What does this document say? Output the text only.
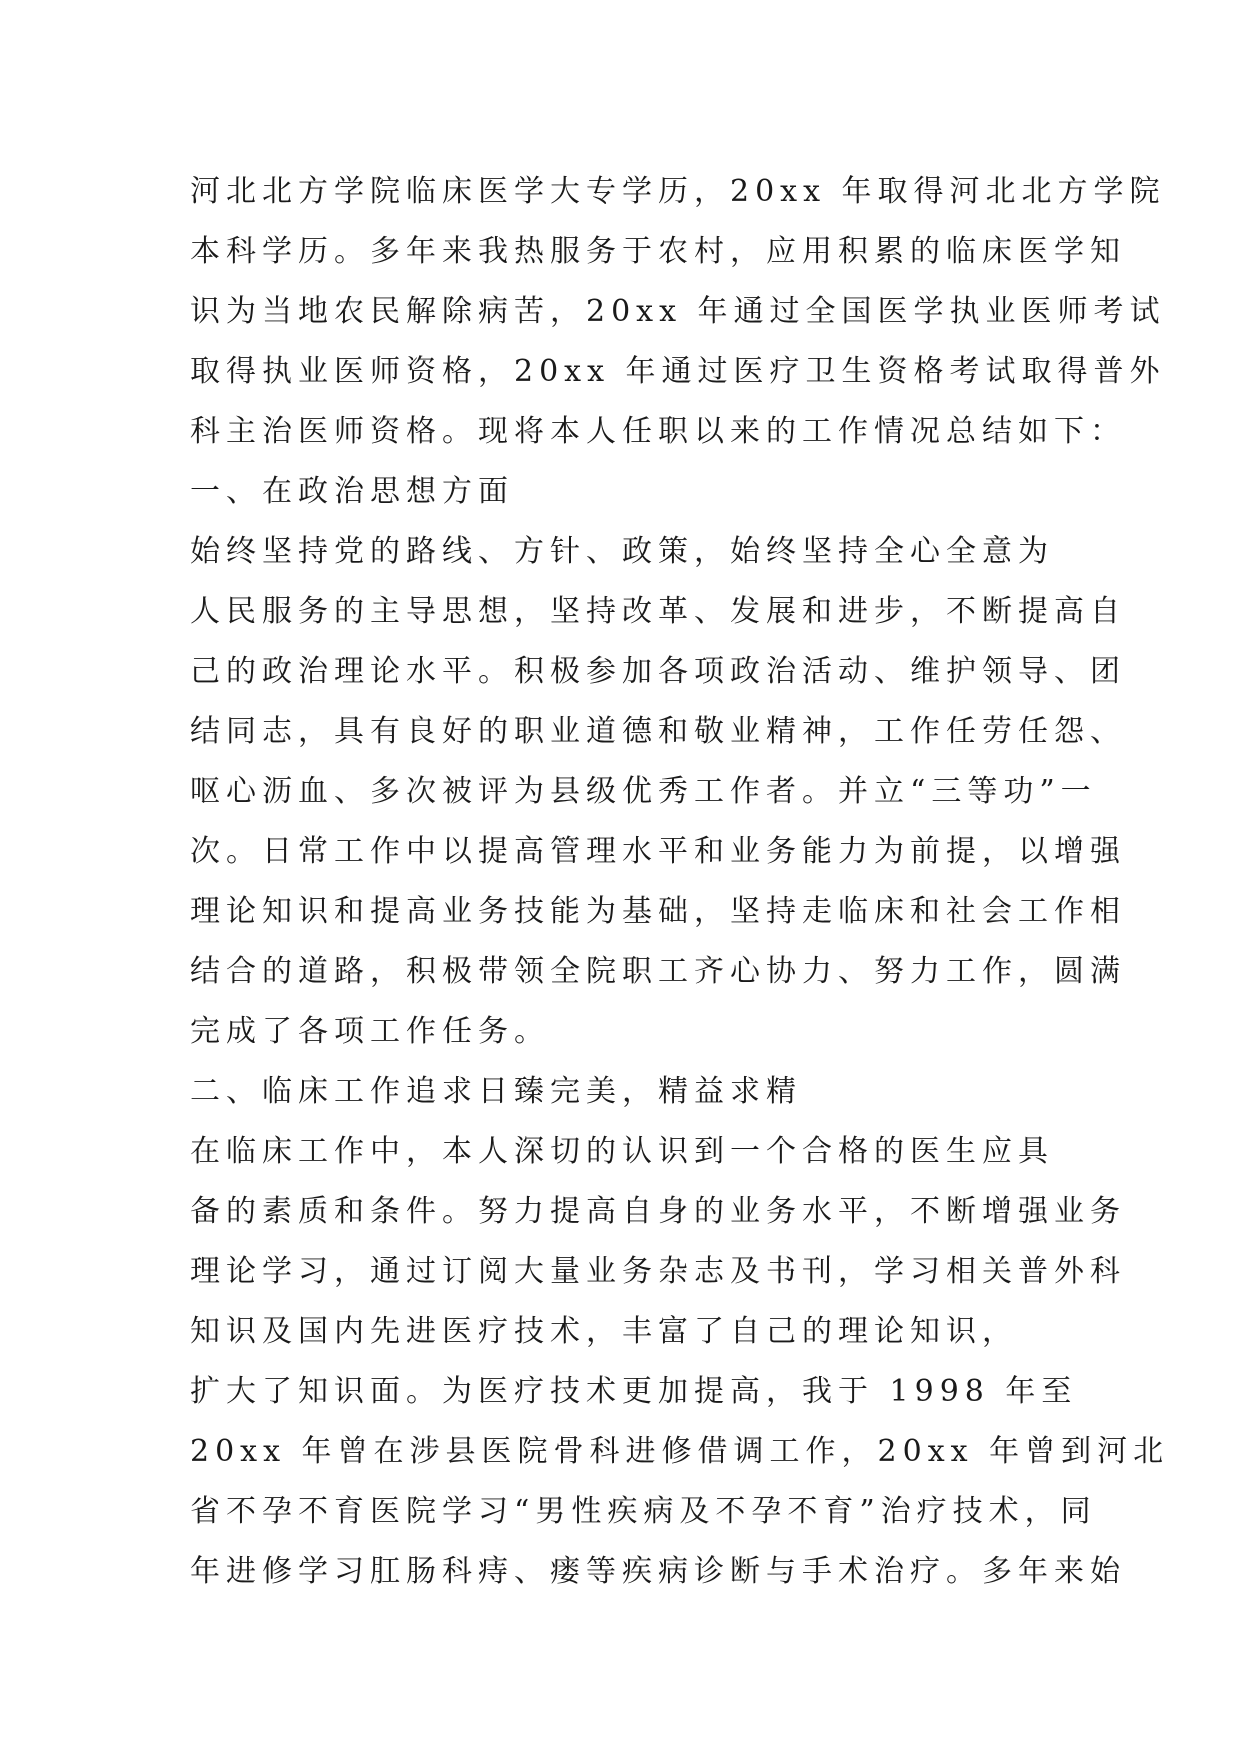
河北北方学院临床医学大专学历，20xx 年取得河北北方学院
本科学历。多年来我热服务于农村，应用积累的临床医学知
识为当地农民解除病苦，20xx 年通过全国医学执业医师考试
取得执业医师资格，20xx 年通过医疗卫生资格考试取得普外
科主治医师资格。现将本人任职以来的工作情况总结如下：
一、在政治思想方面
始终坚持党的路线、方针、政策，始终坚持全心全意为
人民服务的主导思想，坚持改革、发展和进步，不断提高自
己的政治理论水平。积极参加各项政治活动、维护领导、团
结同志，具有良好的职业道德和敬业精神，工作任劳任怨、
呕心沥血、多次被评为县级优秀工作者。并立“三等功”一
次。日常工作中以提高管理水平和业务能力为前提，以增强
理论知识和提高业务技能为基础，坚持走临床和社会工作相
结合的道路，积极带领全院职工齐心协力、努力工作，圆满
完成了各项工作任务。
二、临床工作追求日臻完美，精益求精
在临床工作中，本人深切的认识到一个合格的医生应具
备的素质和条件。努力提高自身的业务水平，不断增强业务
理论学习，通过订阅大量业务杂志及书刊，学习相关普外科
知识及国内先进医疗技术，丰富了自己的理论知识，
扩大了知识面。为医疗技术更加提高，我于 1998 年至
20xx 年曾在涉县医院骨科进修借调工作，20xx 年曾到河北
省不孕不育医院学习“男性疾病及不孕不育”治疗技术，同
年进修学习肛肠科痔、瘘等疾病诊断与手术治疗。多年来始
